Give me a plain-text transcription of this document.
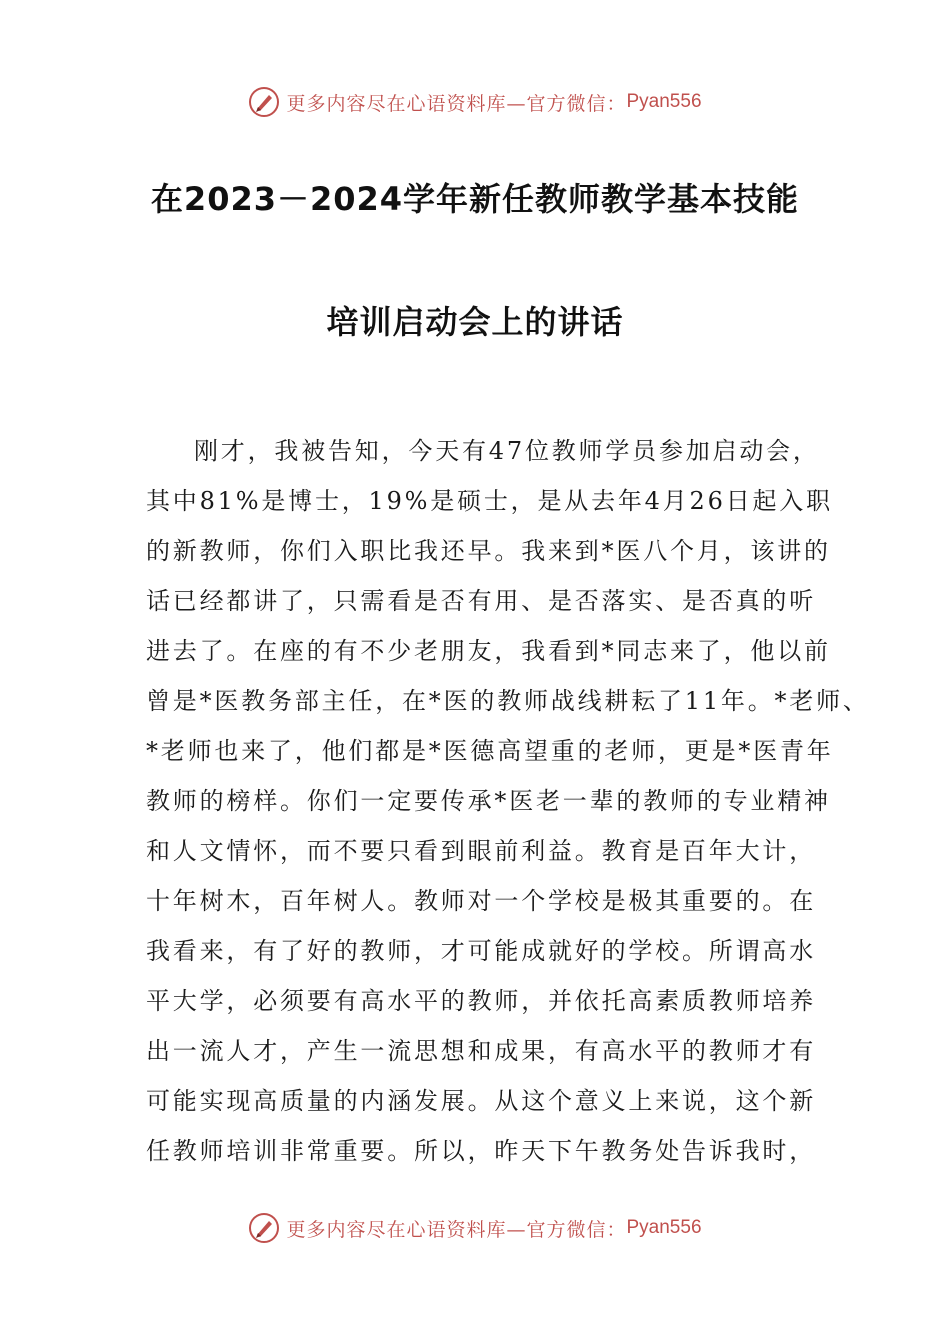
更多内容尽在心语资料库—官方微信： Pyan556
在2023－2024学年新任教师教学基本技能
培训启动会上的讲话
刚才，我被告知，今天有47位教师学员参加启动会，
其中81%是博士，19%是硕士，是从去年4月26日起入职
的新教师，你们入职比我还早。我来到*医八个月，该讲的
话已经都讲了，只需看是否有用、是否落实、是否真的听
进去了。在座的有不少老朋友，我看到*同志来了，他以前
曾是*医教务部主任，在*医的教师战线耕耘了11年。*老师、
*老师也来了，他们都是*医德高望重的老师，更是*医青年
教师的榜样。你们一定要传承*医老一辈的教师的专业精神
和人文情怀，而不要只看到眼前利益。教育是百年大计，
十年树木，百年树人。教师对一个学校是极其重要的。在
我看来，有了好的教师，才可能成就好的学校。所谓高水
平大学，必须要有高水平的教师，并依托高素质教师培养
出一流人才，产生一流思想和成果，有高水平的教师才有
可能实现高质量的内涵发展。从这个意义上来说，这个新
任教师培训非常重要。所以，昨天下午教务处告诉我时，
更多内容尽在心语资料库—官方微信： Pyan556
